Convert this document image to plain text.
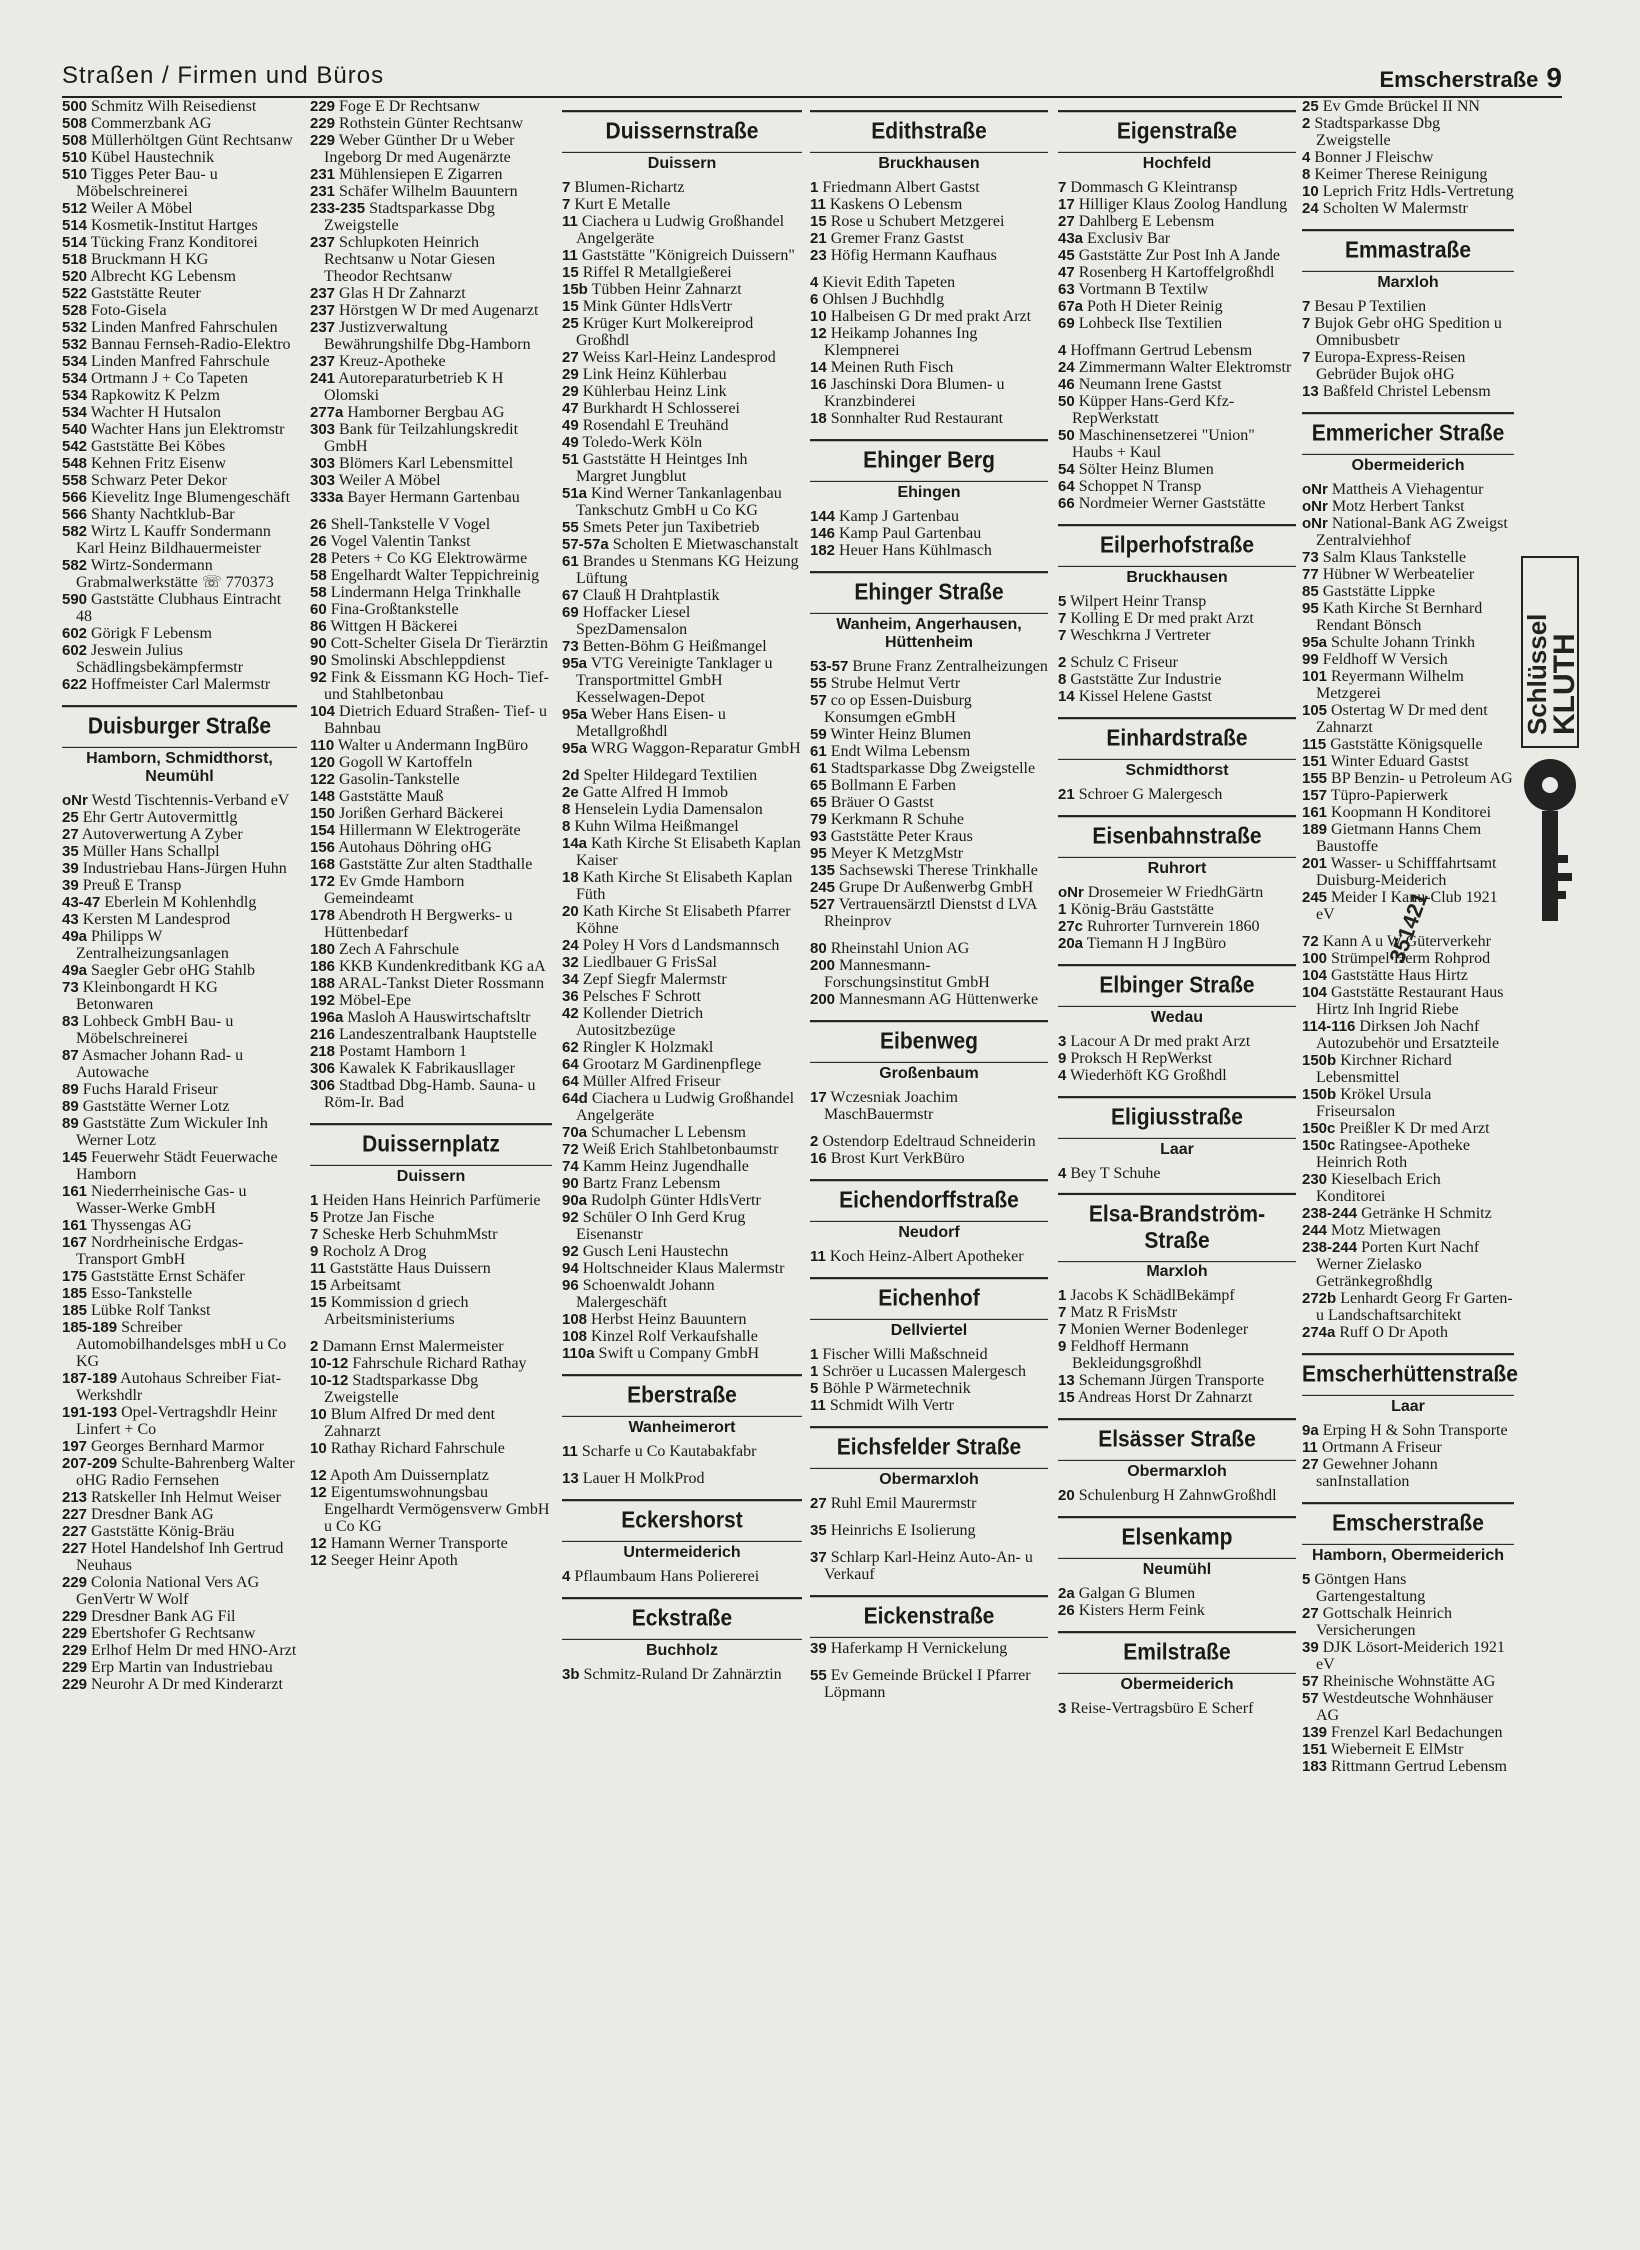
Straßen / Firmen und Büros	Emscherstraße 9
500 Schmitz Wilh Reisedienst
508 Commerzbank AG
508 Müllerhöltgen Günt Rechtsanw
510 Kübel Haustechnik
510 Tigges Peter Bau- u Möbelschreinerei
512 Weiler A Möbel
514 Kosmetik-Institut Hartges
514 Tücking Franz Konditorei
518 Bruckmann H KG
520 Albrecht KG Lebensm
522 Gaststätte Reuter
528 Foto-Gisela
532 Linden Manfred Fahrschulen
532 Bannau Fernseh-Radio-Elektro
534 Linden Manfred Fahrschule
534 Ortmann J + Co Tapeten
534 Rapkowitz K Pelzm
534 Wachter H Hutsalon
540 Wachter Hans jun Elektromstr
542 Gaststätte Bei Köbes
548 Kehnen Fritz Eisenw
558 Schwarz Peter Dekor
566 Kievelitz Inge Blumengeschäft
566 Shanty Nachtklub-Bar
582 Wirtz L Kauffr Sondermann Karl Heinz Bildhauermeister
582 Wirtz-Sondermann Grabmalwerkstätte ☏ 770373
590 Gaststätte Clubhaus Eintracht 48
602 Görigk F Lebensm
602 Jeswein Julius Schädlingsbekämpfermstr
622 Hoffmeister Carl Malermstr
Duisburger Straße
Hamborn, Schmidthorst, Neumühl
oNr Westd Tischtennis-Verband eV
25 Ehr Gertr Autovermittlg
27 Autoverwertung A Zyber
35 Müller Hans Schallpl
39 Industriebau Hans-Jürgen Huhn
39 Preuß E Transp
43-47 Eberlein M Kohlenhdlg
43 Kersten M Landesprod
49a Philipps W Zentralheizungsanlagen
49a Saegler Gebr oHG Stahlb
73 Kleinbongardt H KG Betonwaren
83 Lohbeck GmbH Bau- u Möbelschreinerei
87 Asmacher Johann Rad- u Autowache
89 Fuchs Harald Friseur
89 Gaststätte Werner Lotz
89 Gaststätte Zum Wickuler Inh Werner Lotz
145 Feuerwehr Städt Feuerwache Hamborn
161 Niederrheinische Gas- u Wasser-Werke GmbH
161 Thyssengas AG
167 Nordrheinische Erdgas-Transport GmbH
175 Gaststätte Ernst Schäfer
185 Esso-Tankstelle
185 Lübke Rolf Tankst
185-189 Schreiber Automobilhandelsges mbH u Co KG
187-189 Autohaus Schreiber Fiat-Werkshdlr
191-193 Opel-Vertragshdlr Heinr Linfert + Co
197 Georges Bernhard Marmor
207-209 Schulte-Bahrenberg Walter oHG Radio Fernsehen
213 Ratskeller Inh Helmut Weiser
227 Dresdner Bank AG
227 Gaststätte König-Bräu
227 Hotel Handelshof Inh Gertrud Neuhaus
229 Colonia National Vers AG GenVertr W Wolf
229 Dresdner Bank AG Fil
229 Ebertshofer G Rechtsanw
229 Erlhof Helm Dr med HNO-Arzt
229 Erp Martin van Industriebau
229 Neurohr A Dr med Kinderarzt
229 Foge E Dr Rechtsanw
229 Rothstein Günter Rechtsanw
229 Weber Günther Dr u Weber Ingeborg Dr med Augenärzte
231 Mühlensiepen E Zigarren
231 Schäfer Wilhelm Bauuntern
233-235 Stadtsparkasse Dbg Zweigstelle
237 Schlupkoten Heinrich Rechtsanw u Notar Giesen Theodor Rechtsanw
237 Glas H Dr Zahnarzt
237 Hörstgen W Dr med Augenarzt
237 Justizverwaltung Bewährungshilfe Dbg-Hamborn
237 Kreuz-Apotheke
241 Autoreparaturbetrieb K H Olomski
277a Hamborner Bergbau AG
303 Bank für Teilzahlungskredit GmbH
303 Blömers Karl Lebensmittel
303 Weiler A Möbel
333a Bayer Hermann Gartenbau
26 Shell-Tankstelle V Vogel
26 Vogel Valentin Tankst
28 Peters + Co KG Elektrowärme
58 Engelhardt Walter Teppichreinig
58 Lindermann Helga Trinkhalle
60 Fina-Großtankstelle
86 Wittgen H Bäckerei
90 Cott-Schelter Gisela Dr Tierärztin
90 Smolinski Abschleppdienst
92 Fink & Eissmann KG Hoch- Tief- und Stahlbetonbau
104 Dietrich Eduard Straßen- Tief- u Bahnbau
110 Walter u Andermann IngBüro
120 Gogoll W Kartoffeln
122 Gasolin-Tankstelle
148 Gaststätte Mauß
150 Jorißen Gerhard Bäckerei
154 Hillermann W Elektrogeräte
156 Autohaus Döhring oHG
168 Gaststätte Zur alten Stadthalle
172 Ev Gmde Hamborn Gemeindeamt
178 Abendroth H Bergwerks- u Hüttenbedarf
180 Zech A Fahrschule
186 KKB Kundenkreditbank KG aA
188 ARAL-Tankst Dieter Rossmann
192 Möbel-Epe
196a Masloh A Hauswirtschaftsltr
216 Landeszentralbank Hauptstelle
218 Postamt Hamborn 1
306 Kawalek K Fabrikausllager
306 Stadtbad Dbg-Hamb. Sauna- u Röm-Ir. Bad
Duissernplatz
Duissern
1 Heiden Hans Heinrich Parfümerie
5 Protze Jan Fische
7 Scheske Herb SchuhmMstr
9 Rocholz A Drog
11 Gaststätte Haus Duissern
15 Arbeitsamt
15 Kommission d griech Arbeitsministeriums
2 Damann Ernst Malermeister
10-12 Fahrschule Richard Rathay
10-12 Stadtsparkasse Dbg Zweigstelle
10 Blum Alfred Dr med dent Zahnarzt
10 Rathay Richard Fahrschule
12 Apoth Am Duissernplatz
12 Eigentumswohnungsbau Engelhardt Vermögensverw GmbH u Co KG
12 Hamann Werner Transporte
12 Seeger Heinr Apoth
Duissernstraße
Duissern
7 Blumen-Richartz
7 Kurt E Metalle
11 Ciachera u Ludwig Großhandel Angelgeräte
11 Gaststätte "Königreich Duissern"
15 Riffel R Metallgießerei
15b Tübben Heinr Zahnarzt
15 Mink Günter HdlsVertr
25 Krüger Kurt Molkereiprod Großhdl
27 Weiss Karl-Heinz Landesprod
29 Link Heinz Kühlerbau
29 Kühlerbau Heinz Link
47 Burkhardt H Schlosserei
49 Rosendahl E Treuhänd
49 Toledo-Werk Köln
51 Gaststätte H Heintges Inh Margret Jungblut
51a Kind Werner Tankanlagenbau Tankschutz GmbH u Co KG
55 Smets Peter jun Taxibetrieb
57-57a Scholten E Mietwaschanstalt
61 Brandes u Stenmans KG Heizung Lüftung
67 Clauß H Drahtplastik
69 Hoffacker Liesel SpezDamensalon
73 Betten-Böhm G Heißmangel
95a VTG Vereinigte Tanklager u Transportmittel GmbH Kesselwagen-Depot
95a Weber Hans Eisen- u Metallgroßhdl
95a WRG Waggon-Reparatur GmbH
2d Spelter Hildegard Textilien
2e Gatte Alfred H Immob
8 Henselein Lydia Damensalon
8 Kuhn Wilma Heißmangel
14a Kath Kirche St Elisabeth Kaplan Kaiser
18 Kath Kirche St Elisabeth Kaplan Füth
20 Kath Kirche St Elisabeth Pfarrer Köhne
24 Poley H Vors d Landsmannsch
32 Liedlbauer G FrisSal
34 Zepf Siegfr Malermstr
36 Pelsches F Schrott
42 Kollender Dietrich Autositzbezüge
62 Ringler K Holzmakl
64 Grootarz M Gardinenpflege
64 Müller Alfred Friseur
64d Ciachera u Ludwig Großhandel Angelgeräte
70a Schumacher L Lebensm
72 Weiß Erich Stahlbetonbaumstr
74 Kamm Heinz Jugendhalle
90 Bartz Franz Lebensm
90a Rudolph Günter HdlsVertr
92 Schüler O Inh Gerd Krug Eisenanstr
92 Gusch Leni Haustechn
94 Holtschneider Klaus Malermstr
96 Schoenwaldt Johann Malergeschäft
108 Herbst Heinz Bauuntern
108 Kinzel Rolf Verkaufshalle
110a Swift u Company GmbH
Eberstraße
Wanheimerort
11 Scharfe u Co Kautabakfabr
13 Lauer H MolkProd
Eckershorst
Untermeiderich
4 Pflaumbaum Hans Poliererei
Eckstraße
Buchholz
3b Schmitz-Ruland Dr Zahnärztin
Edithstraße
Bruckhausen
1 Friedmann Albert Gastst
11 Kaskens O Lebensm
15 Rose u Schubert Metzgerei
21 Gremer Franz Gastst
23 Höfig Hermann Kaufhaus
4 Kievit Edith Tapeten
6 Ohlsen J Buchhdlg
10 Halbeisen G Dr med prakt Arzt
12 Heikamp Johannes Ing Klempnerei
14 Meinen Ruth Fisch
16 Jaschinski Dora Blumen- u Kranzbinderei
18 Sonnhalter Rud Restaurant
Ehinger Berg
Ehingen
144 Kamp J Gartenbau
146 Kamp Paul Gartenbau
182 Heuer Hans Kühlmasch
Ehinger Straße
Wanheim, Angerhausen, Hüttenheim
53-57 Brune Franz Zentralheizungen
55 Strube Helmut Vertr
57 co op Essen-Duisburg Konsumgen eGmbH
59 Winter Heinz Blumen
61 Endt Wilma Lebensm
61 Stadtsparkasse Dbg Zweigstelle
65 Bollmann E Farben
65 Bräuer O Gastst
79 Kerkmann R Schuhe
93 Gaststätte Peter Kraus
95 Meyer K MetzgMstr
135 Sachsewski Therese Trinkhalle
245 Grupe Dr Außenwerbg GmbH
527 Vertrauensärztl Dienstst d LVA Rheinprov
80 Rheinstahl Union AG
200 Mannesmann-Forschungsinstitut GmbH
200 Mannesmann AG Hüttenwerke
Eibenweg
Großenbaum
17 Wczesniak Joachim MaschBauermstr
2 Ostendorp Edeltraud Schneiderin
16 Brost Kurt VerkBüro
Eichendorffstraße
Neudorf
11 Koch Heinz-Albert Apotheker
Eichenhof
Dellviertel
1 Fischer Willi Maßschneid
1 Schröer u Lucassen Malergesch
5 Böhle P Wärmetechnik
11 Schmidt Wilh Vertr
Eichsfelder Straße
Obermarxloh
27 Ruhl Emil Maurermstr
35 Heinrichs E Isolierung
37 Schlarp Karl-Heinz Auto-An- u Verkauf
Eickenstraße
39 Haferkamp H Vernickelung
55 Ev Gemeinde Brückel I Pfarrer Löpmann
Eigenstraße
Hochfeld
7 Dommasch G Kleintransp
17 Hilliger Klaus Zoolog Handlung
27 Dahlberg E Lebensm
43a Exclusiv Bar
45 Gaststätte Zur Post Inh A Jande
47 Rosenberg H Kartoffelgroßhdl
63 Vortmann B Textilw
67a Poth H Dieter Reinig
69 Lohbeck Ilse Textilien
4 Hoffmann Gertrud Lebensm
24 Zimmermann Walter Elektromstr
46 Neumann Irene Gastst
50 Küpper Hans-Gerd Kfz-RepWerkstatt
50 Maschinensetzerei "Union" Haubs + Kaul
54 Sölter Heinz Blumen
64 Schoppet N Transp
66 Nordmeier Werner Gaststätte
Eilperhofstraße
Bruckhausen
5 Wilpert Heinr Transp
7 Kolling E Dr med prakt Arzt
7 Weschkrna J Vertreter
2 Schulz C Friseur
8 Gaststätte Zur Industrie
14 Kissel Helene Gastst
Einhardstraße
Schmidthorst
21 Schroer G Malergesch
Eisenbahnstraße
Ruhrort
oNr Drosemeier W FriedhGärtn
1 König-Bräu Gaststätte
27c Ruhrorter Turnverein 1860
20a Tiemann H J IngBüro
Elbinger Straße
Wedau
3 Lacour A Dr med prakt Arzt
9 Proksch H RepWerkst
4 Wiederhöft KG Großhdl
Eligiusstraße
Laar
4 Bey T Schuhe
Elsa-Brandström-Straße
Marxloh
1 Jacobs K SchädlBekämpf
7 Matz R FrisMstr
7 Monien Werner Bodenleger
9 Feldhoff Hermann Bekleidungsgroßhdl
13 Schemann Jürgen Transporte
15 Andreas Horst Dr Zahnarzt
Elsässer Straße
Obermarxloh
20 Schulenburg H ZahnwGroßhdl
Elsenkamp
Neumühl
2a Galgan G Blumen
26 Kisters Herm Feink
Emilstraße
Obermeiderich
3 Reise-Vertragsbüro E Scherf
25 Ev Gmde Brückel II NN
2 Stadtsparkasse Dbg Zweigstelle
4 Bonner J Fleischw
8 Keimer Therese Reinigung
10 Leprich Fritz Hdls-Vertretung
24 Scholten W Malermstr
Emmastraße
Marxloh
7 Besau P Textilien
7 Bujok Gebr oHG Spedition u Omnibusbetr
7 Europa-Express-Reisen Gebrüder Bujok oHG
13 Baßfeld Christel Lebensm
Emmericher Straße
Obermeiderich
oNr Mattheis A Viehagentur
oNr Motz Herbert Tankst
oNr National-Bank AG Zweigst Zentralviehhof
73 Salm Klaus Tankstelle
77 Hübner W Werbeatelier
85 Gaststätte Lippke
95 Kath Kirche St Bernhard Rendant Bönsch
95a Schulte Johann Trinkh
99 Feldhoff W Versich
101 Reyermann Wilhelm Metzgerei
105 Ostertag W Dr med dent Zahnarzt
115 Gaststätte Königsquelle
151 Winter Eduard Gastst
155 BP Benzin- u Petroleum AG
157 Tüpro-Papierwerk
161 Koopmann H Konditorei
189 Gietmann Hanns Chem Baustoffe
201 Wasser- u Schifffahrtsamt Duisburg-Meiderich
245 Meider I Kanu-Club 1921 eV
72 Kann A u W Güterverkehr
100 Strümpel Herm Rohprod
104 Gaststätte Haus Hirtz
104 Gaststätte Restaurant Haus Hirtz Inh Ingrid Riebe
114-116 Dirksen Joh Nachf Autozubehör und Ersatzteile
150b Kirchner Richard Lebensmittel
150b Krökel Ursula Friseursalon
150c Preißler K Dr med Arzt
150c Ratingsee-Apotheke Heinrich Roth
230 Kieselbach Erich Konditorei
238-244 Getränke H Schmitz
244 Motz Mietwagen
238-244 Porten Kurt Nachf Werner Zielasko Getränkegroßhdlg
272b Lenhardt Georg Fr Garten- u Landschaftsarchitekt
274a Ruff O Dr Apoth
Emscherhüttenstraße
Laar
9a Erping H & Sohn Transporte
11 Ortmann A Friseur
27 Gewehner Johann sanInstallation
Emscherstraße
Hamborn, Obermeiderich
5 Göntgen Hans Gartengestaltung
27 Gottschalk Heinrich Versicherungen
39 DJK Lösort-Meiderich 1921 eV
57 Rheinische Wohnstätte AG
57 Westdeutsche Wohnhäuser AG
139 Frenzel Karl Bedachungen
151 Wieberneit E ElMstr
183 Rittmann Gertrud Lebensm
Schlüssel
KLUTH
351421
